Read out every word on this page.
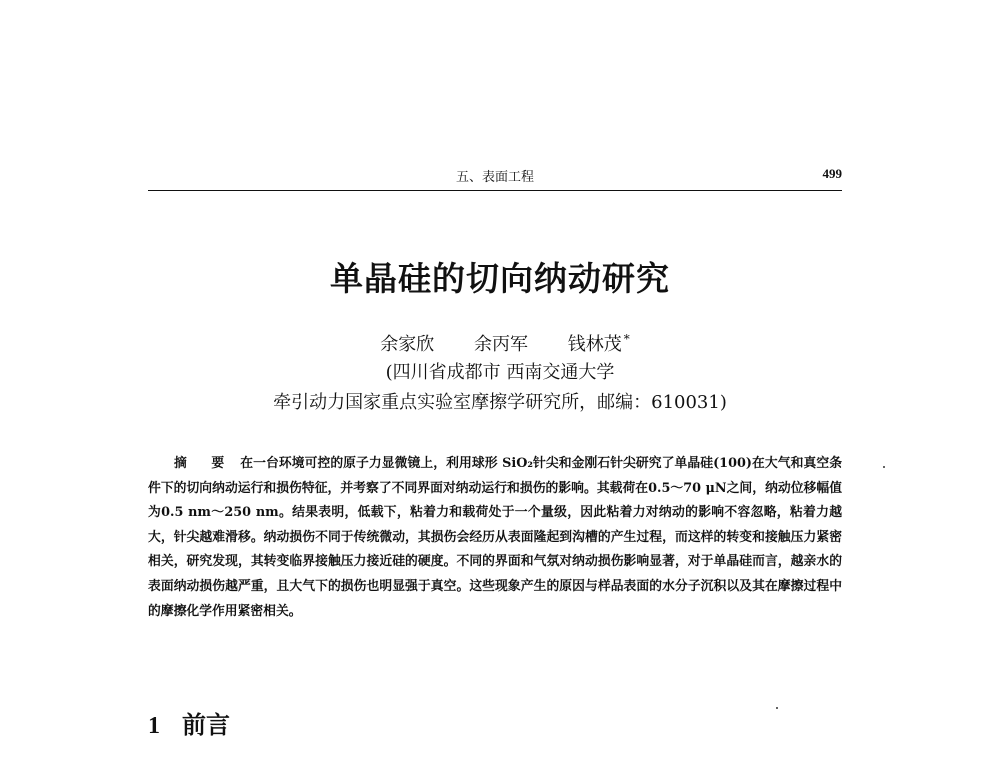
五、表面工程	499
单晶硅的切向纳动研究
余家欣 余丙军 钱林茂 *
(四川省成都市 西南交通大学
牵引动力国家重点实验室摩擦学研究所，邮编：610031)
摘 要 在一台环境可控的原子力显微镜上，利用球形 SiO₂针尖和金刚石针尖研究了单晶硅(100)在大气和真空条件下的切向纳动运行和损伤特征，并考察了不同界面对纳动运行和损伤的影响。其载荷在0.5～70 μN之间，纳动位移幅值为0.5 nm～250 nm。结果表明，低载下，粘着力和载荷处于一个量级，因此粘着力对纳动的影响不容忽略，粘着力越大，针尖越难滑移。纳动损伤不同于传统微动，其损伤会经历从表面隆起到沟槽的产生过程，而这样的转变和接触压力紧密相关，研究发现，其转变临界接触压力接近硅的硬度。不同的界面和气氛对纳动损伤影响显著，对于单晶硅而言，越亲水的表面纳动损伤越严重，且大气下的损伤也明显强于真空。这些现象产生的原因与样品表面的水分子沉积以及其在摩擦过程中的摩擦化学作用紧密相关。
1 前言
